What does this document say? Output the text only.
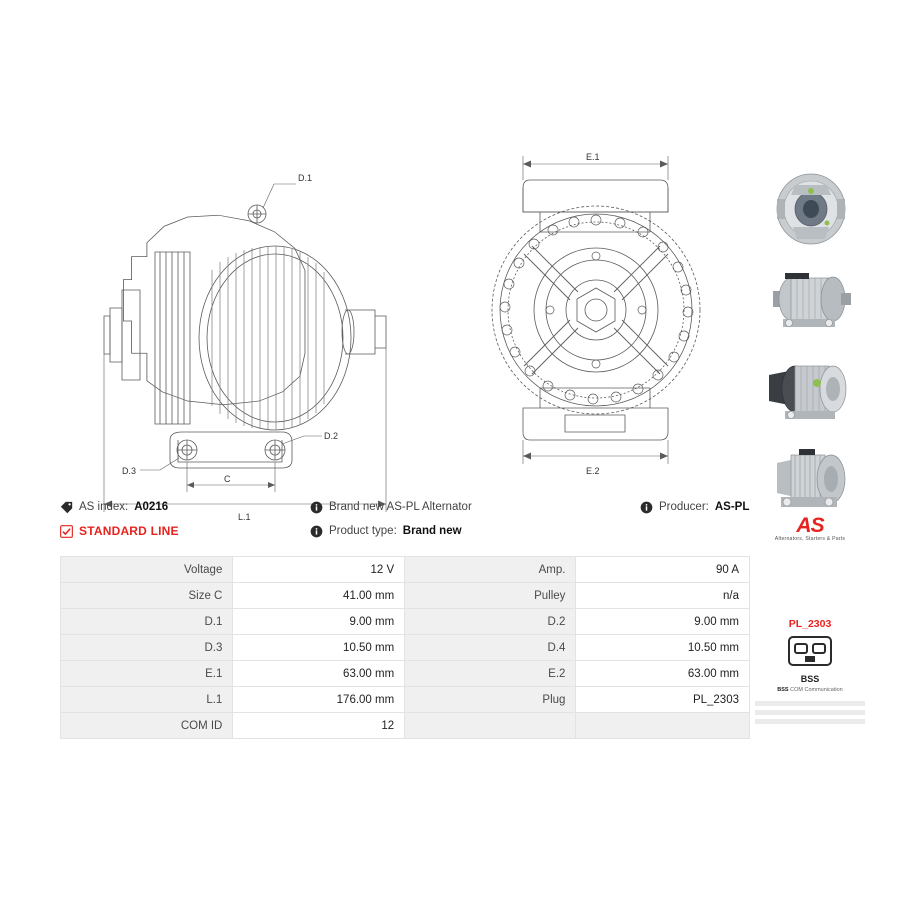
D.1
D.2
D.3
C
L.1
E.1
E.2
AS index: A0216	Brand new AS-PL Alternator	Producer: AS-PL
STANDARD LINE	Product type: Brand new
Voltage	12 V	Amp.	90 A
Size C	41.00 mm	Pulley	n/a
D.1	9.00 mm	D.2	9.00 mm
D.3	10.50 mm	D.4	10.50 mm
E.1	63.00 mm	E.2	63.00 mm
L.1	176.00 mm	Plug	PL_2303
COM ID	12		
AS
Alternators, Starters & Parts
PL_2303
BSS
BSS COM Communication
